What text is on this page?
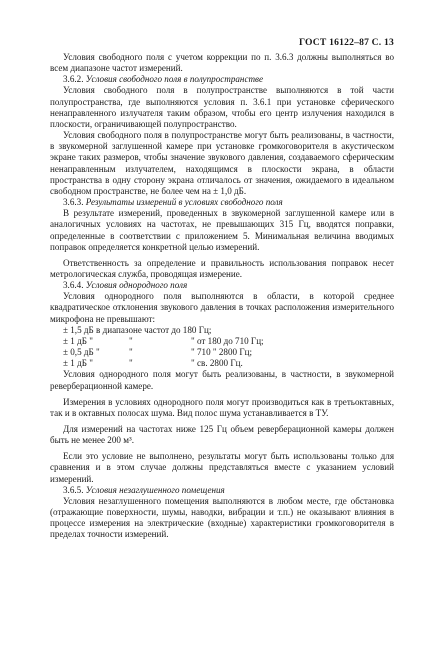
ГОСТ 16122–87 С. 13

Условия свободного поля с учетом коррекции по п. 3.6.3 должны выполняться во всем диапазоне частот измерений.

3.6.2. Условия свободного поля в полупространстве

Условия свободного поля в полупространстве выполняются в той части полупространства, где выполняются условия п. 3.6.1 при установке сферического ненаправленного излучателя таким образом, чтобы его центр излучения находился в плоскости, ограничивающей полупространство.

Условия свободного поля в полупространстве могут быть реализованы, в частности, в звукомерной заглушенной камере при установке громкоговорителя в акустическом экране таких размеров, чтобы значение звукового давления, создаваемого сферическим ненаправленным излучателем, находящимся в плоскости экрана, в области пространства в одну сторону экрана отличалось от значения, ожидаемого в идеальном свободном пространстве, не более чем на ± 1,0 дБ.

3.6.3. Результаты измерений в условиях свободного поля

В результате измерений, проведенных в звукомерной заглушенной камере или в аналогичных условиях на частотах, не превышающих 315 Гц, вводятся поправки, определенные в соответствии с приложением 5. Минимальная величина вводимых поправок определяется конкретной целью измерений.

Ответственность за определение и правильность использования поправок несет метрологическая служба, проводящая измерение.

3.6.4. Условия однородного поля

Условия однородного поля выполняются в области, в которой среднее квадратическое отклонения звукового давления в точках расположения измерительного микрофона не превышают:

± 1,5 дБ в диапазоне частот до 180 Гц;
± 1 дБ "	"	" от 180 до 710 Гц;
± 0,5 дБ "	"	" 710 " 2800 Гц;
± 1 дБ "	"	" св. 2800 Гц.

Условия однородного поля могут быть реализованы, в частности, в звукомерной реверберационной камере.

Измерения в условиях однородного поля могут производиться как в третьоктавных, так и в октавных полосах шума. Вид полос шума устанавливается в ТУ.

Для измерений на частотах ниже 125 Гц объем реверберационной камеры должен быть не менее 200 м³.

Если это условие не выполнено, результаты могут быть использованы только для сравнения и в этом случае должны представляться вместе с указанием условий измерений.

3.6.5. Условия незаглушенного помещения

Условия незаглушенного помещения выполняются в любом месте, где обстановка (отражающие поверхности, шумы, наводки, вибрации и т.п.) не оказывают влияния в процессе измерения на электрические (входные) характеристики громкоговорителя в пределах точности измерений.
